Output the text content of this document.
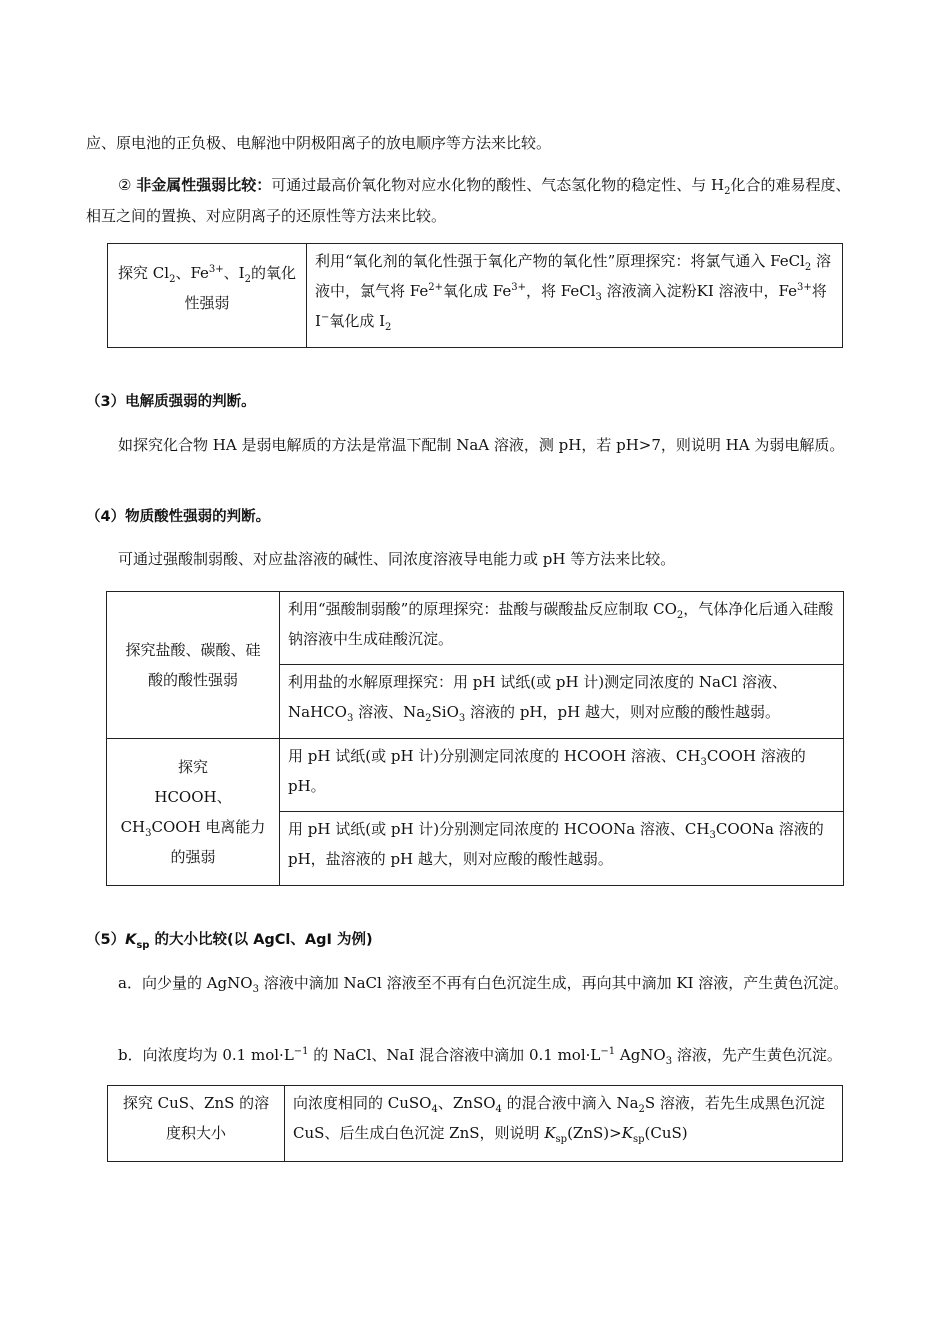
应、原电池的正负极、电解池中阴极阳离子的放电顺序等方法来比较。

② 非金属性强弱比较：可通过最高价氧化物对应水化物的酸性、气态氢化物的稳定性、与 $H_2$化合的难易程度、相互之间的置换、对应阴离子的还原性等方法来比较。

探究 $Cl_2$、$Fe^{3+}$、$I_2$的氧化性强弱	利用“氧化剂的氧化性强于氧化产物的氧化性”原理探究：将氯气通入 FeCl$_2$ 溶液中，氯气将 $Fe^{2+}$氧化成 $Fe^{3+}$，将 FeCl$_3$ 溶液滴入淀粉KI 溶液中，$Fe^{3+}$将 I−氧化成 $I_2$

（3）电解质强弱的判断。

如探究化合物 HA 是弱电解质的方法是常温下配制 NaA 溶液，测 pH，若 pH>7，则说明 HA 为弱电解质。

（4）物质酸性强弱的判断。

可通过强酸制弱酸、对应盐溶液的碱性、同浓度溶液导电能力或 pH 等方法来比较。

探究盐酸、碳酸、硅酸的酸性强弱	利用“强酸制弱酸”的原理探究：盐酸与碳酸盐反应制取 $CO_2$，气体净化后通入硅酸钠溶液中生成硅酸沉淀。
	利用盐的水解原理探究：用 pH 试纸(或 pH 计)测定同浓度的 NaCl 溶液、NaHCO$_3$ 溶液、$Na_2SiO_3$ 溶液的 pH，pH 越大，则对应酸的酸性越弱。
探究
HCOOH、$CH_3COOH$ 电离能力的强弱	用 pH 试纸(或 pH 计)分别测定同浓度的 HCOOH 溶液、$CH_3COOH$ 溶液的 pH。
	用 pH 试纸(或 pH 计)分别测定同浓度的 HCOONa 溶液、$CH_3COONa$ 溶液的 pH，盐溶液的 pH 越大，则对应酸的酸性越弱。

$(5)K_{sp}$ 的大小比较(以 AgCl、AgI 为例)

a．向少量的 AgNO$_3$ 溶液中滴加 NaCl 溶液至不再有白色沉淀生成，再向其中滴加 KI 溶液，产生黄色沉淀。

b．向浓度均为 0.1 $mol\cdot L^{-1}$ 的 NaCl、NaI 混合溶液中滴加 0.1 $mol\cdot L^{-1}$ AgNO$_3$ 溶液，先产生黄色沉淀。

探究 CuS、ZnS 的溶度积大小	向浓度相同的 CuSO$_4$、ZnSO$_4$ 的混合液中滴入 $Na_2S$ 溶液，若先生成黑色沉淀 CuS、后生成白色沉淀 ZnS，则说明 $K_{sp}(ZnS)>K_{sp}(CuS)$
